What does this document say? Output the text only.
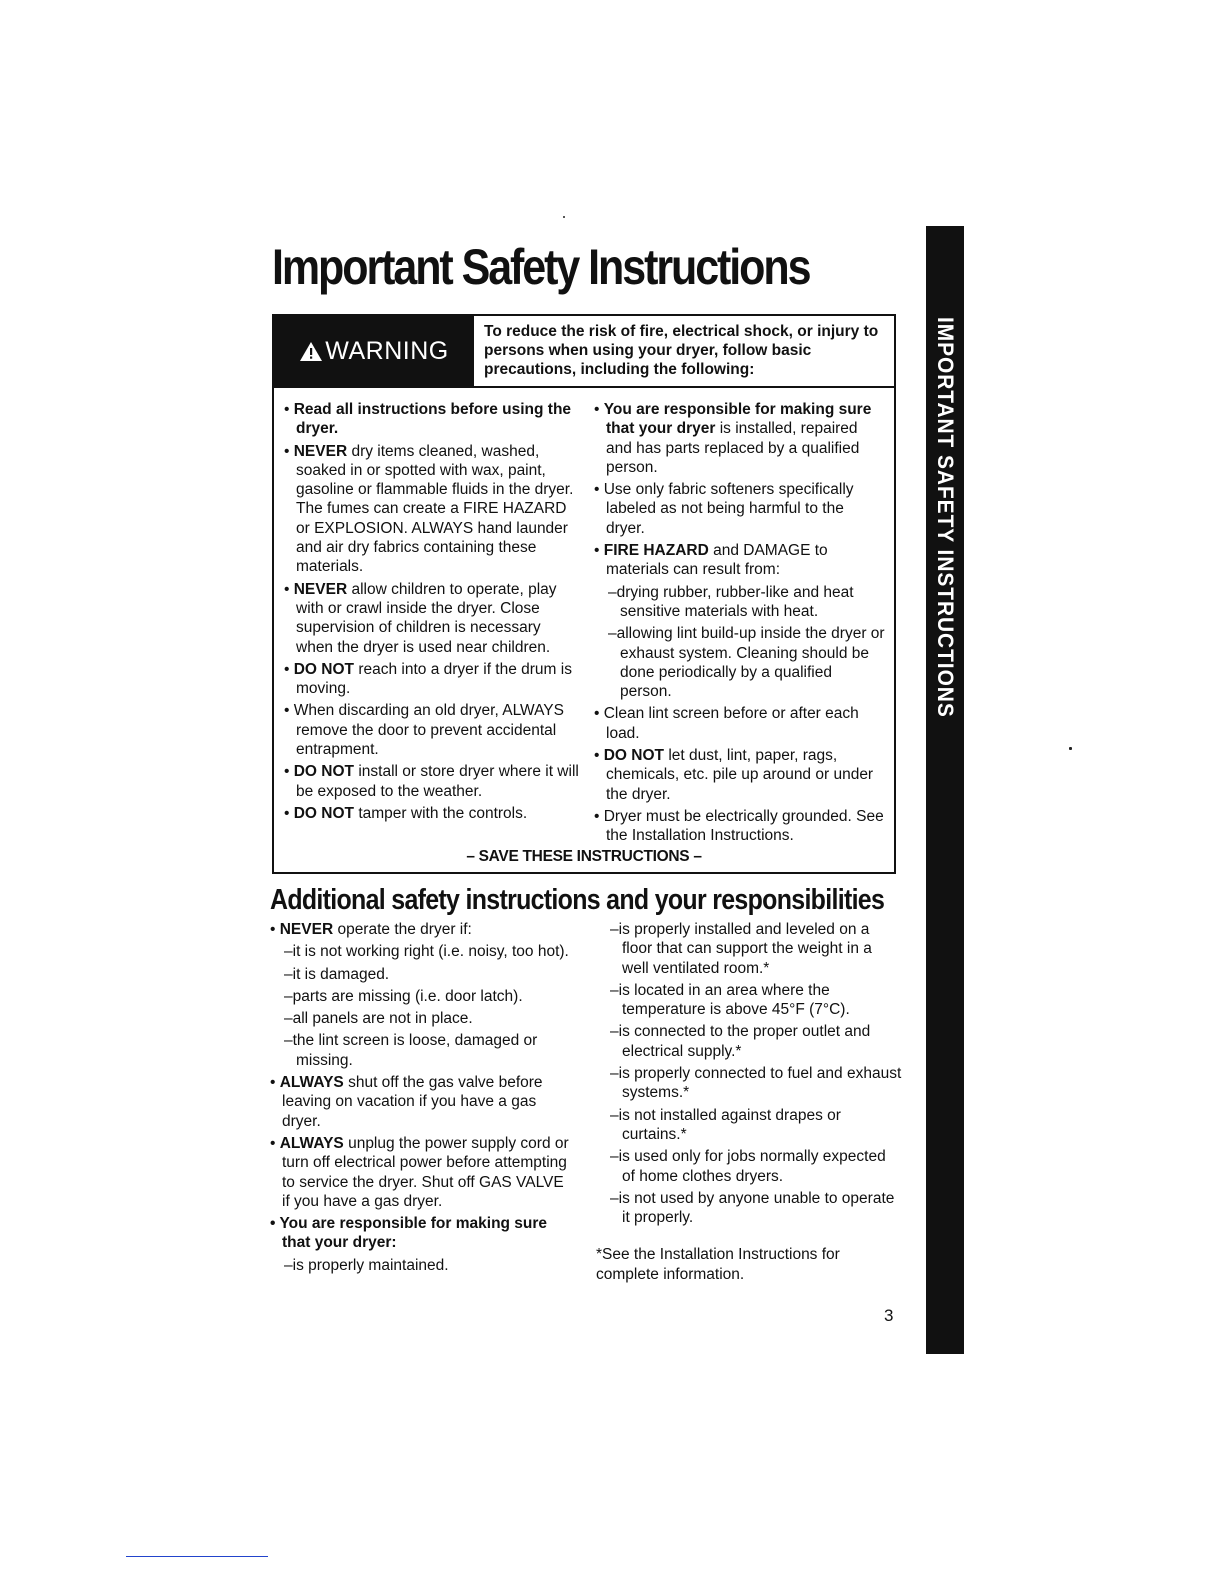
Important Safety Instructions
IMPORTANT SAFETY INSTRUCTIONS
WARNING
To reduce the risk of fire, electrical shock, or injury to persons when using your dryer, follow basic precautions, including the following:

• Read all instructions before using the dryer.

• NEVER dry items cleaned, washed, soaked in or spotted with wax, paint, gasoline or flammable fluids in the dryer. The fumes can create a FIRE HAZARD or EXPLOSION. ALWAYS hand launder and air dry fabrics containing these materials.

• NEVER allow children to operate, play with or crawl inside the dryer. Close supervision of children is necessary when the dryer is used near children.

• DO NOT reach into a dryer if the drum is moving.

• When discarding an old dryer, ALWAYS remove the door to prevent accidental entrapment.

• DO NOT install or store dryer where it will be exposed to the weather.

• DO NOT tamper with the controls.

• You are responsible for making sure that your dryer is installed, repaired and has parts replaced by a qualified person.

• Use only fabric softeners specifically labeled as not being harmful to the dryer.

• FIRE HAZARD and DAMAGE to materials can result from:

–drying rubber, rubber-like and heat sensitive materials with heat.

–allowing lint build-up inside the dryer or exhaust system. Cleaning should be done periodically by a qualified person.

• Clean lint screen before or after each load.

• DO NOT let dust, lint, paper, rags, chemicals, etc. pile up around or under the dryer.

• Dryer must be electrically grounded. See the Installation Instructions.

– SAVE THESE INSTRUCTIONS –
Additional safety instructions and your responsibilities

• NEVER operate the dryer if:

–it is not working right (i.e. noisy, too hot).

–it is damaged.

–parts are missing (i.e. door latch).

–all panels are not in place.

–the lint screen is loose, damaged or missing.

• ALWAYS shut off the gas valve before leaving on vacation if you have a gas dryer.

• ALWAYS unplug the power supply cord or turn off electrical power before attempting to service the dryer. Shut off GAS VALVE if you have a gas dryer.

• You are responsible for making sure that your dryer:

–is properly maintained.

–is properly installed and leveled on a floor that can support the weight in a well ventilated room.*

–is located in an area where the temperature is above 45°F (7°C).

–is connected to the proper outlet and electrical supply.*

–is properly connected to fuel and exhaust systems.*

–is not installed against drapes or curtains.*

–is used only for jobs normally expected of home clothes dryers.

–is not used by anyone unable to operate it properly.

*See the Installation Instructions for complete information.

3
